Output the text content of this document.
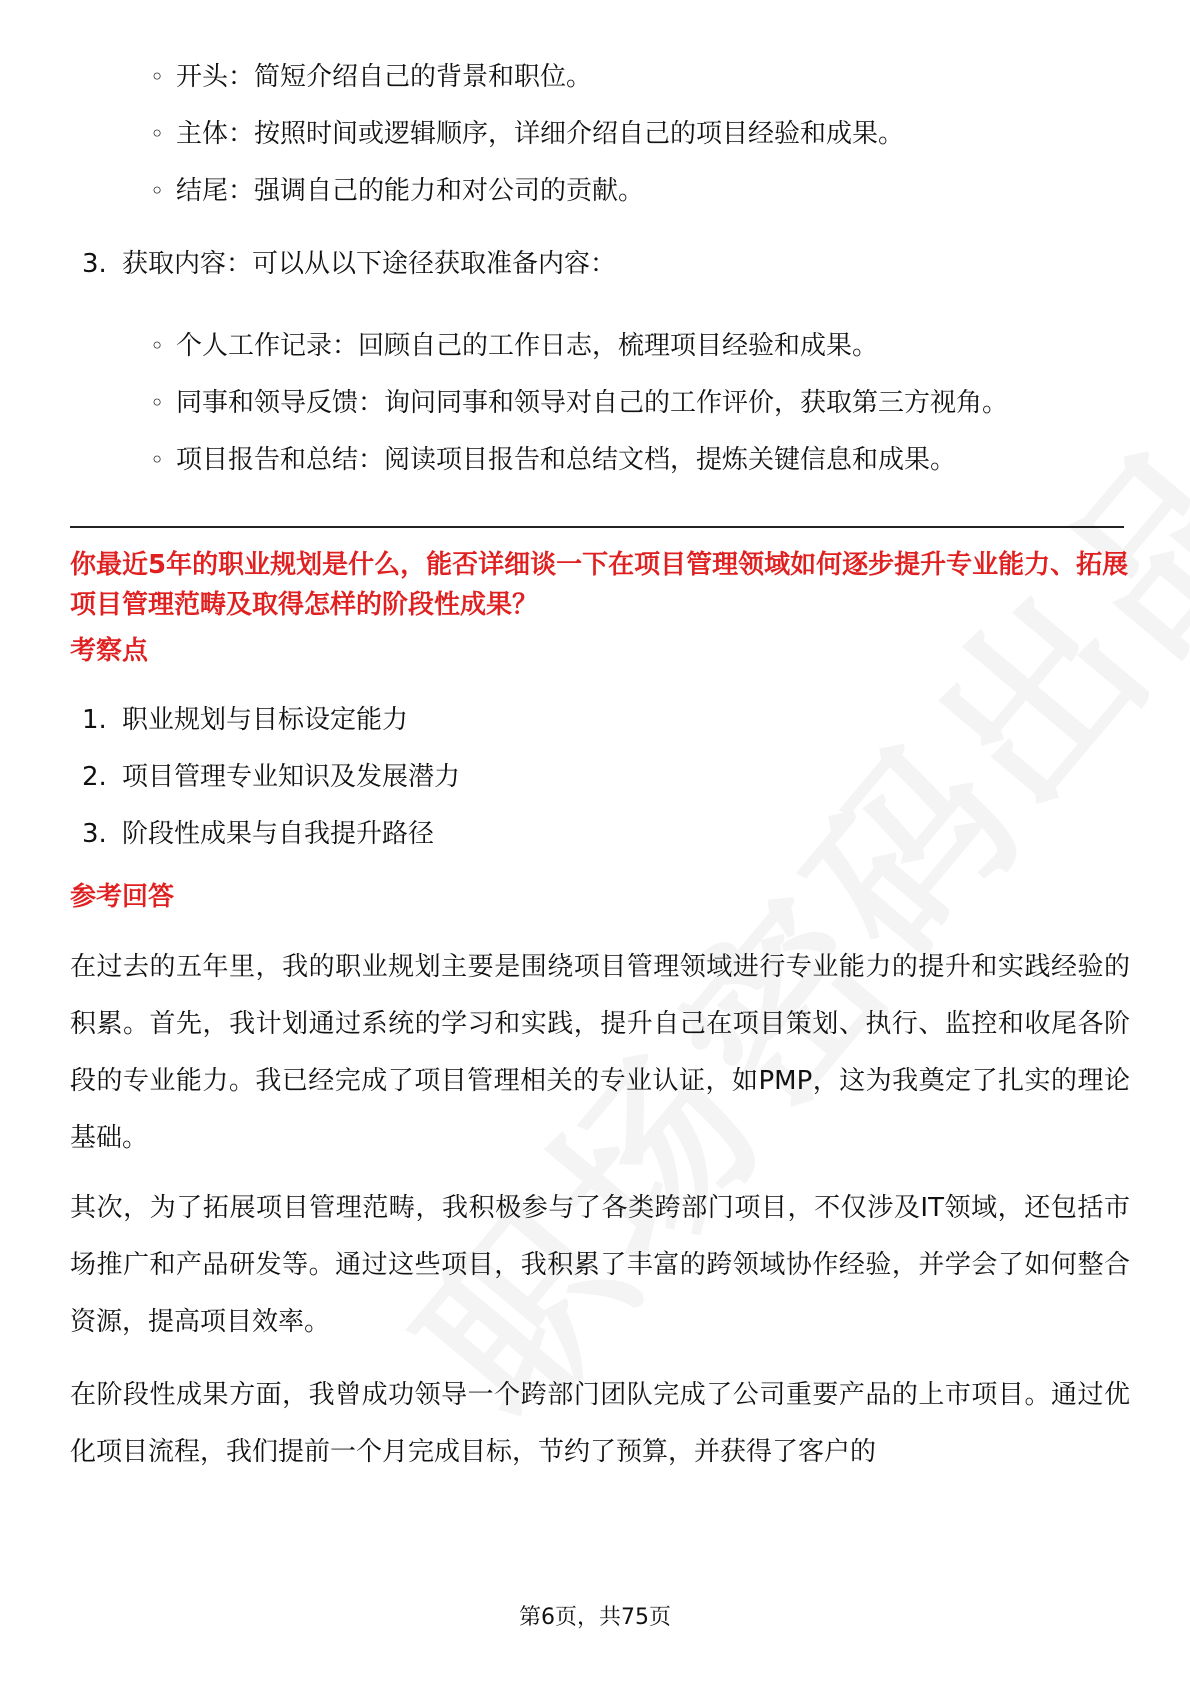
◦ 开头：简短介绍自己的背景和职位。
◦ 主体：按照时间或逻辑顺序，详细介绍自己的项目经验和成果。
◦ 结尾：强调自己的能力和对公司的贡献。
3. 获取内容：可以从以下途径获取准备内容：
◦ 个人工作记录：回顾自己的工作日志，梳理项目经验和成果。
◦ 同事和领导反馈：询问同事和领导对自己的工作评价，获取第三方视角。
◦ 项目报告和总结：阅读项目报告和总结文档，提炼关键信息和成果。

你最近5年的职业规划是什么，能否详细谈一下在项目管理领域如何逐步提升专业能力、拓展项目管理范畴及取得怎样的阶段性成果？

考察点

1. 职业规划与目标设定能力
2. 项目管理专业知识及发展潜力
3. 阶段性成果与自我提升路径

参考回答

在过去的五年里，我的职业规划主要是围绕项目管理领域进行专业能力的提升和实践经验的积累。首先，我计划通过系统的学习和实践，提升自己在项目策划、执行、监控和收尾各阶段的专业能力。我已经完成了项目管理相关的专业认证，如PMP，这为我奠定了扎实的理论基础。

其次，为了拓展项目管理范畴，我积极参与了各类跨部门项目，不仅涉及IT领域，还包括市场推广和产品研发等。通过这些项目，我积累了丰富的跨领域协作经验，并学会了如何整合资源，提高项目效率。

在阶段性成果方面，我曾成功领导一个跨部门团队完成了公司重要产品的上市项目。通过优化项目流程，我们提前一个月完成目标，节约了预算，并获得了客户的

第6页，共75页
